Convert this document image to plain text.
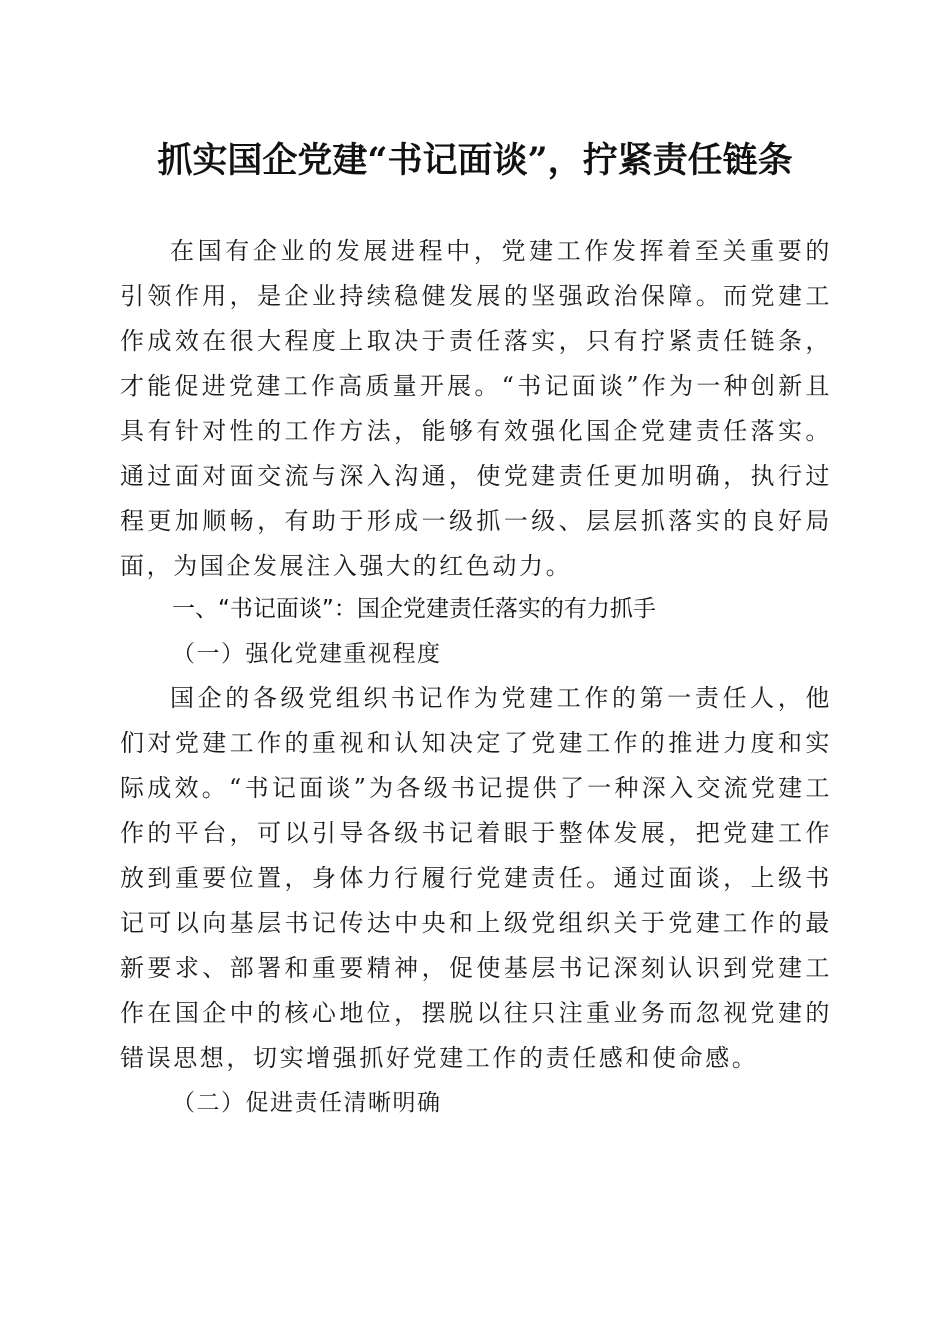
抓实国企党建“书记面谈”，拧紧责任链条

在国有企业的发展进程中，党建工作发挥着至关重要的引领作用，是企业持续稳健发展的坚强政治保障。而党建工作成效在很大程度上取决于责任落实，只有拧紧责任链条，才能促进党建工作高质量开展。“书记面谈”作为一种创新且具有针对性的工作方法，能够有效强化国企党建责任落实。通过面对面交流与深入沟通，使党建责任更加明确，执行过程更加顺畅，有助于形成一级抓一级、层层抓落实的良好局面，为国企发展注入强大的红色动力。

一、“书记面谈”：国企党建责任落实的有力抓手
（一）强化党建重视程度

国企的各级党组织书记作为党建工作的第一责任人，他们对党建工作的重视和认知决定了党建工作的推进力度和实际成效。“书记面谈”为各级书记提供了一种深入交流党建工作的平台，可以引导各级书记着眼于整体发展，把党建工作放到重要位置，身体力行履行党建责任。通过面谈，上级书记可以向基层书记传达中央和上级党组织关于党建工作的最新要求、部署和重要精神，促使基层书记深刻认识到党建工作在国企中的核心地位，摆脱以往只注重业务而忽视党建的错误思想，切实增强抓好党建工作的责任感和使命感。

（二）促进责任清晰明确
